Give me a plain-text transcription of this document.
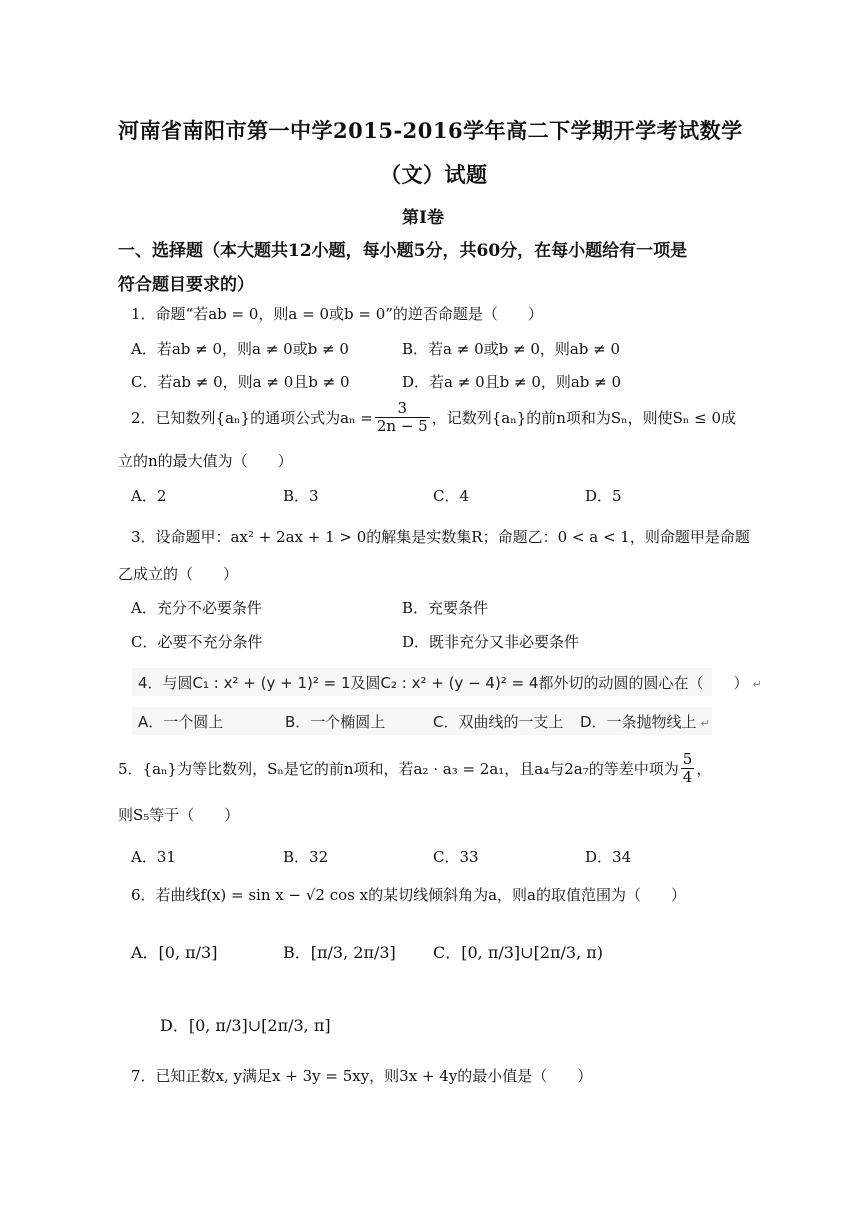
河南省南阳市第一中学2015-2016学年高二下学期开学考试数学
（文）试题
第Ⅰ卷
一、选择题（本大题共12小题，每小题5分，共60分，在每小题给有一项是
符合题目要求的）
1．命题“若ab = 0，则a = 0或b = 0”的逆否命题是（　　）
A．若ab ≠ 0，则a ≠ 0或b ≠ 0	B．若a ≠ 0或b ≠ 0，则ab ≠ 0
C．若ab ≠ 0，则a ≠ 0且b ≠ 0	D．若a ≠ 0且b ≠ 0，则ab ≠ 0
2．已知数列{aₙ}的通项公式为$a_n = \frac{3}{2n - 5}$ ，记数列{aₙ}的前n项和为Sₙ，则使Sₙ ≤ 0成
立的n的最大值为（　　）
A．2	B．3	C．4	D．5
3．设命题甲：ax² + 2ax + 1 > 0的解集是实数集R；命题乙：0 < a < 1，则命题甲是命题
乙成立的（　　）
A．充分不必要条件	B．充要条件
C．必要不充分条件	D．既非充分又非必要条件
4．与圆C₁ : x² + (y + 1)² = 1及圆C₂ : x² + (y − 4)² = 4都外切的动圆的圆心在（　　） ↵
A．一个圆上	B．一个椭圆上	C．双曲线的一支上 D．一条抛物线上 ↵
5．{aₙ}为等比数列，Sₙ是它的前n项和，若a₂ · a₃ = 2a₁，且a₄与2a₇的等差中项为 $\frac{5}{4}$ ，
则S₅等于（　　）
A．31	B．32	C．33	D．34
6．若曲线f(x) = sin x − √2 cos x的某切线倾斜角为a，则a的取值范围为（　　）
A．[0, π/3]	B．[π/3, 2π/3] C．[0, π/3]∪[2π/3, π)
D．[0, π/3]∪[2π/3, π]
7．已知正数x, y满足x + 3y = 5xy，则3x + 4y的最小值是（　　）
